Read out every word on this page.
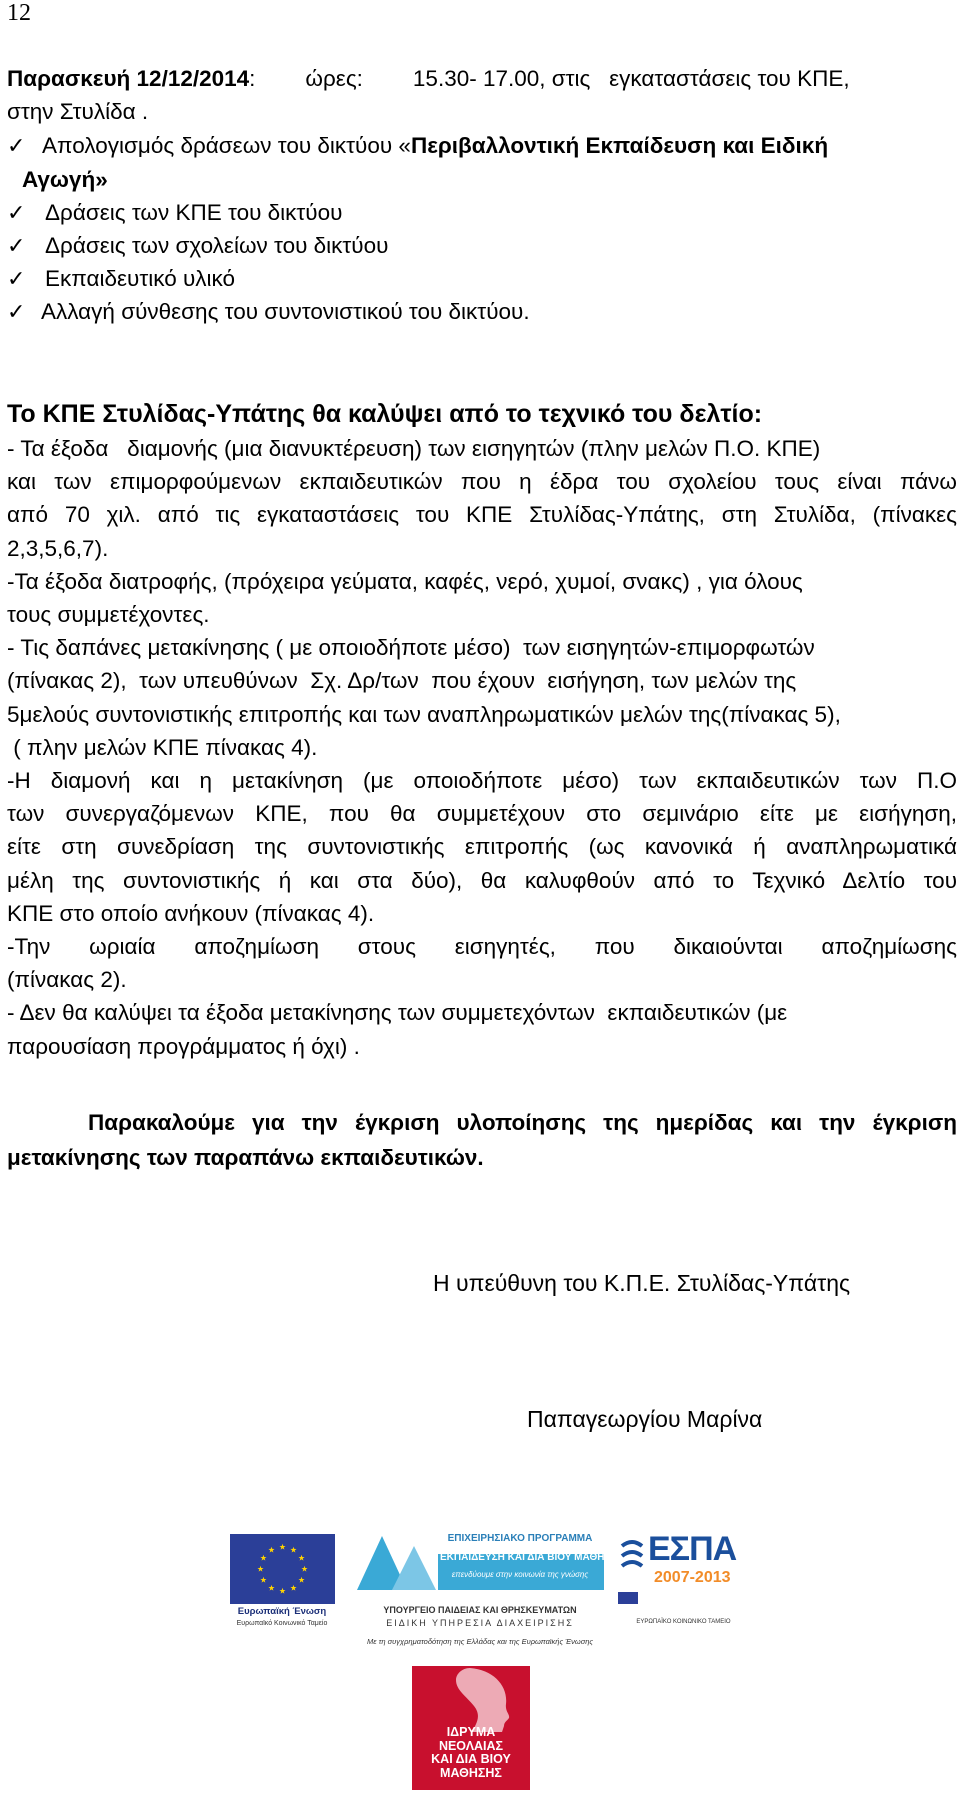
12
Παρασκευή 12/12/2014:        ώρες:        15.30- 17.00, στις   εγκαταστάσεις του ΚΠΕ,
στην Στυλίδα .
✓ Απολογισμός δράσεων του δικτύου «Περιβαλλοντική Εκπαίδευση και Ειδική
Αγωγή»
✓ Δράσεις των ΚΠΕ του δικτύου
✓ Δράσεις των σχολείων του δικτύου
✓ Εκπαιδευτικό υλικό
✓ Αλλαγή σύνθεσης του συντονιστικού του δικτύου.
Το ΚΠΕ Στυλίδας-Υπάτης θα καλύψει από το τεχνικό του δελτίο:
- Τα έξοδα   διαμονής (μια διανυκτέρευση) των εισηγητών (πλην μελών Π.Ο. ΚΠΕ)
και των επιμορφούμενων εκπαιδευτικών που η έδρα του σχολείου τους είναι πάνω
από 70 χιλ. από τις εγκαταστάσεις του ΚΠΕ Στυλίδας-Υπάτης, στη Στυλίδα, (πίνακες
2,3,5,6,7).
-Τα έξοδα διατροφής, (πρόχειρα γεύματα, καφές, νερό, χυμοί, σνακς) , για όλους
τους συμμετέχοντες.
- Τις δαπάνες μετακίνησης ( με οποιοδήποτε μέσο)  των εισηγητών-επιμορφωτών
(πίνακας 2),  των υπευθύνων  Σχ. Δρ/των  που έχουν  εισήγηση, των μελών της
5μελούς συντονιστικής επιτροπής και των αναπληρωματικών μελών της(πίνακας 5),
( πλην μελών ΚΠΕ πίνακας 4).
-Η διαμονή και η μετακίνηση (με οποιοδήποτε μέσο) των εκπαιδευτικών των Π.Ο
των συνεργαζόμενων ΚΠΕ, που θα συμμετέχουν στο σεμινάριο είτε με εισήγηση,
είτε στη συνεδρίαση της συντονιστικής επιτροπής (ως κανονικά ή αναπληρωματικά
μέλη της συντονιστικής ή και στα δύο), θα καλυφθούν από το Τεχνικό Δελτίο του
ΚΠΕ στο οποίο ανήκουν (πίνακας 4).
-Την ωριαία αποζημίωση στους εισηγητές, που δικαιούνται αποζημίωσης
(πίνακας 2).
- Δεν θα καλύψει τα έξοδα μετακίνησης των συμμετεχόντων  εκπαιδευτικών (με
παρουσίαση προγράμματος ή όχι) .
Παρακαλούμε για την έγκριση υλοποίησης της ημερίδας και την έγκριση
μετακίνησης των παραπάνω εκπαιδευτικών.
Η υπεύθυνη του Κ.Π.Ε. Στυλίδας-Υπάτης
Παπαγεωργίου Μαρίνα
Ευρωπαϊκή Ένωση
Ευρωπαϊκό Κοινωνικό Ταμείο
ΕΠΙΧΕΙΡΗΣΙΑΚΟ ΠΡΟΓΡΑΜΜΑ
ΕΚΠΑΙΔΕΥΣΗ ΚΑΙ ΔΙΑ ΒΙΟΥ ΜΑΘΗΣΗ
επενδύουμε στην κοινωνία της γνώσης
ΥΠΟΥΡΓΕΙΟ ΠΑΙΔΕΙΑΣ ΚΑΙ ΘΡΗΣΚΕΥΜΑΤΩΝ
ΕΙΔΙΚΗ ΥΠΗΡΕΣΙΑ ΔΙΑΧΕΙΡΙΣΗΣ
Με τη συγχρηματοδότηση της Ελλάδας και της Ευρωπαϊκής Ένωσης
ΕΣΠΑ
2007-2013
ΕΥΡΩΠΑΪΚΟ ΚΟΙΝΩΝΙΚΟ ΤΑΜΕΙΟ
ΙΔΡΥΜΑ
ΝΕΟΛΑΙΑΣ
ΚΑΙ ΔΙΑ ΒΙΟΥ
ΜΑΘΗΣΗΣ
